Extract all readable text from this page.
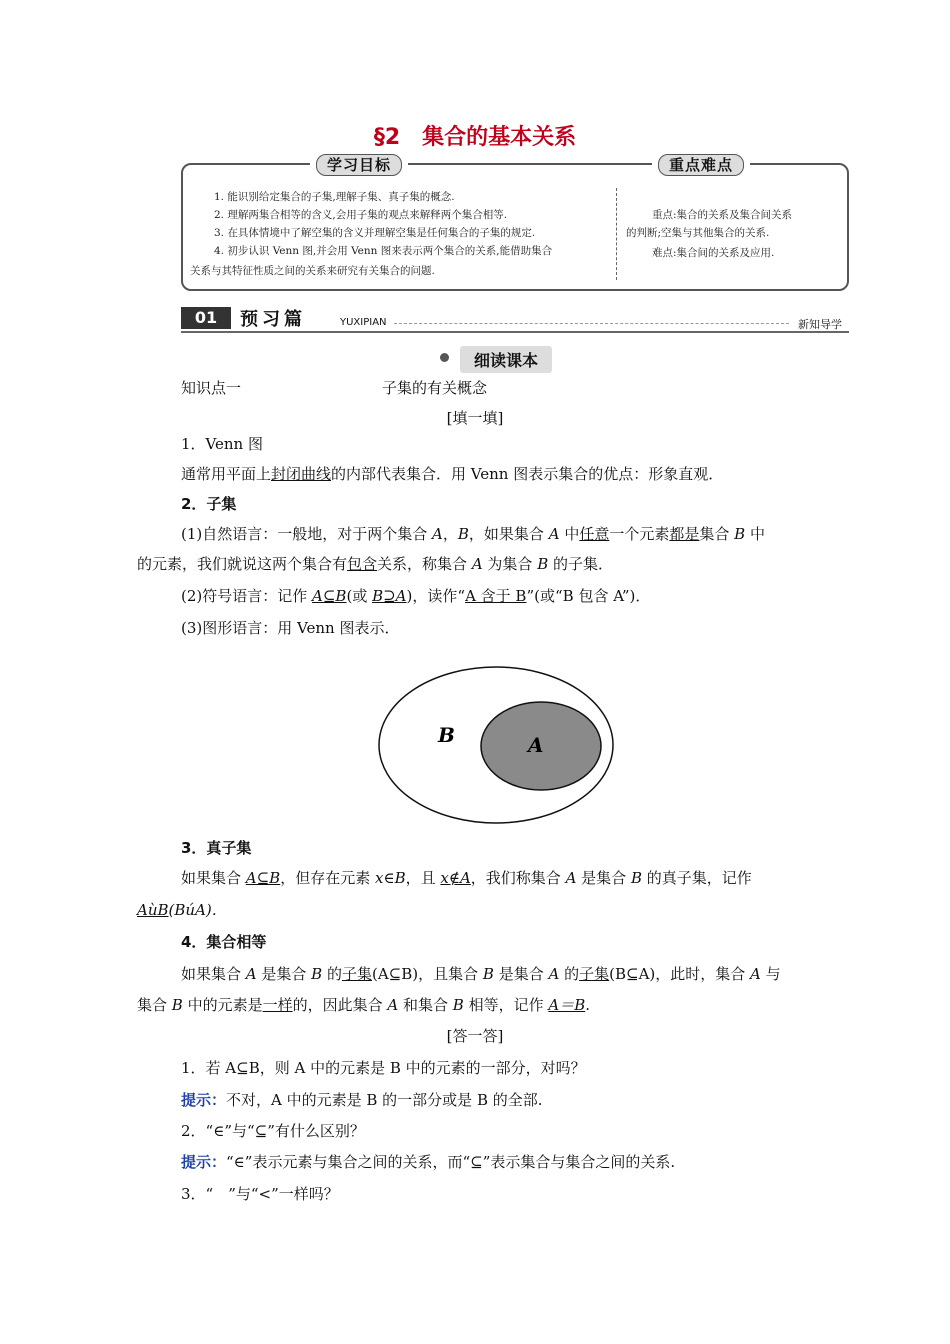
§2　集合的基本关系
学习目标	重点难点
1. 能识别给定集合的子集,理解子集、真子集的概念.
2. 理解两集合相等的含义,会用子集的观点来解释两个集合相等.
3. 在具体情境中了解空集的含义并理解空集是任何集合的子集的规定.
4. 初步认识 Venn 图,并会用 Venn 图来表示两个集合的关系,能借助集合
关系与其特征性质之间的关系来研究有关集合的问题.
重点:集合的关系及集合间关系
的判断;空集与其他集合的关系.
难点:集合间的关系及应用.
01	预习篇	YUXIPIAN	新知导学
细读课本
知识点一	子集的有关概念
[填一填]
1．Venn 图
通常用平面上封闭曲线的内部代表集合．用 Venn 图表示集合的优点：形象直观．
2．子集
(1)自然语言：一般地，对于两个集合 A，B，如果集合 A 中任意一个元素都是集合 B 中
的元素，我们就说这两个集合有包含关系，称集合 A 为集合 B 的子集．
(2)符号语言：记作 A⊆B(或 B⊇A)，读作“A 含于 B”(或“B 包含 A”)．
(3)图形语言：用 Venn 图表示．
B	A
3．真子集
如果集合 A⊆B，但存在元素 x∈B，且 x∉A，我们称集合 A 是集合 B 的真子集，记作
AùB(BúA)．
4．集合相等
如果集合 A 是集合 B 的子集(A⊆B)，且集合 B 是集合 A 的子集(B⊆A)，此时，集合 A 与
集合 B 中的元素是一样的，因此集合 A 和集合 B 相等，记作 A＝B.
[答一答]
1．若 A⊆B，则 A 中的元素是 B 中的元素的一部分，对吗？
提示：不对，A 中的元素是 B 的一部分或是 B 的全部.
2．“∈”与“⊆”有什么区别？
提示：“∈”表示元素与集合之间的关系，而“⊆”表示集合与集合之间的关系.
3．“　”与“<”一样吗？
